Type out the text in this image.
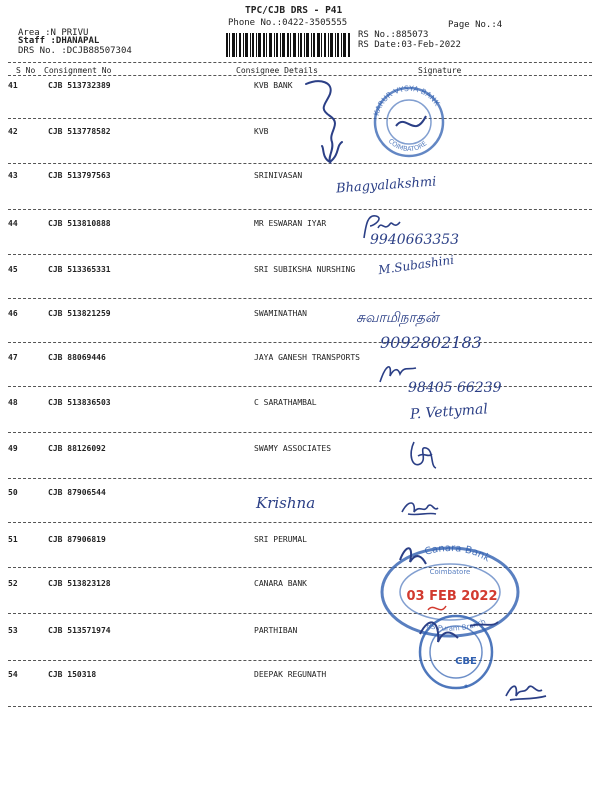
TPC/CJB DRS - P41
Phone No.:0422-3505555	Page No.:4
Area :N PRIVU
Staff :DHANAPAL
DRS No. :DCJB88507304
RS No.:885073
RS Date:03-Feb-2022
S No Consignment No	Consignee Details	Signature
41	CJB 513732389	KVB BANK
42	CJB 513778582	KVB
43	CJB 513797563	SRINIVASAN
44	CJB 513810888	MR ESWARAN IYAR
45	CJB 513365331	SRI SUBIKSHA NURSHING
46	CJB 513821259	SWAMINATHAN
47	CJB 88069446	JAYA GANESH TRANSPORTS
48	CJB 513836503	C SARATHAMBAL
49	CJB 88126092	SWAMY ASSOCIATES
50	CJB 87906544
51	CJB 87906819	SRI PERUMAL
52	CJB 513823128	CANARA BANK
53	CJB 513571974	PARTHIBAN
54	CJB 150318	DEEPAK REGUNATH
KARUR VYSYA BANK
COIMBATORE
Bhagyalakshmi
9940663353
M.Subashini
சுவாமிநாதன்
9092802183
98405 66239
P. Vettymal
Krishna
Canara Bank
Coimbatore
03 FEB 2022
RS Puram Branch
CBE
★
